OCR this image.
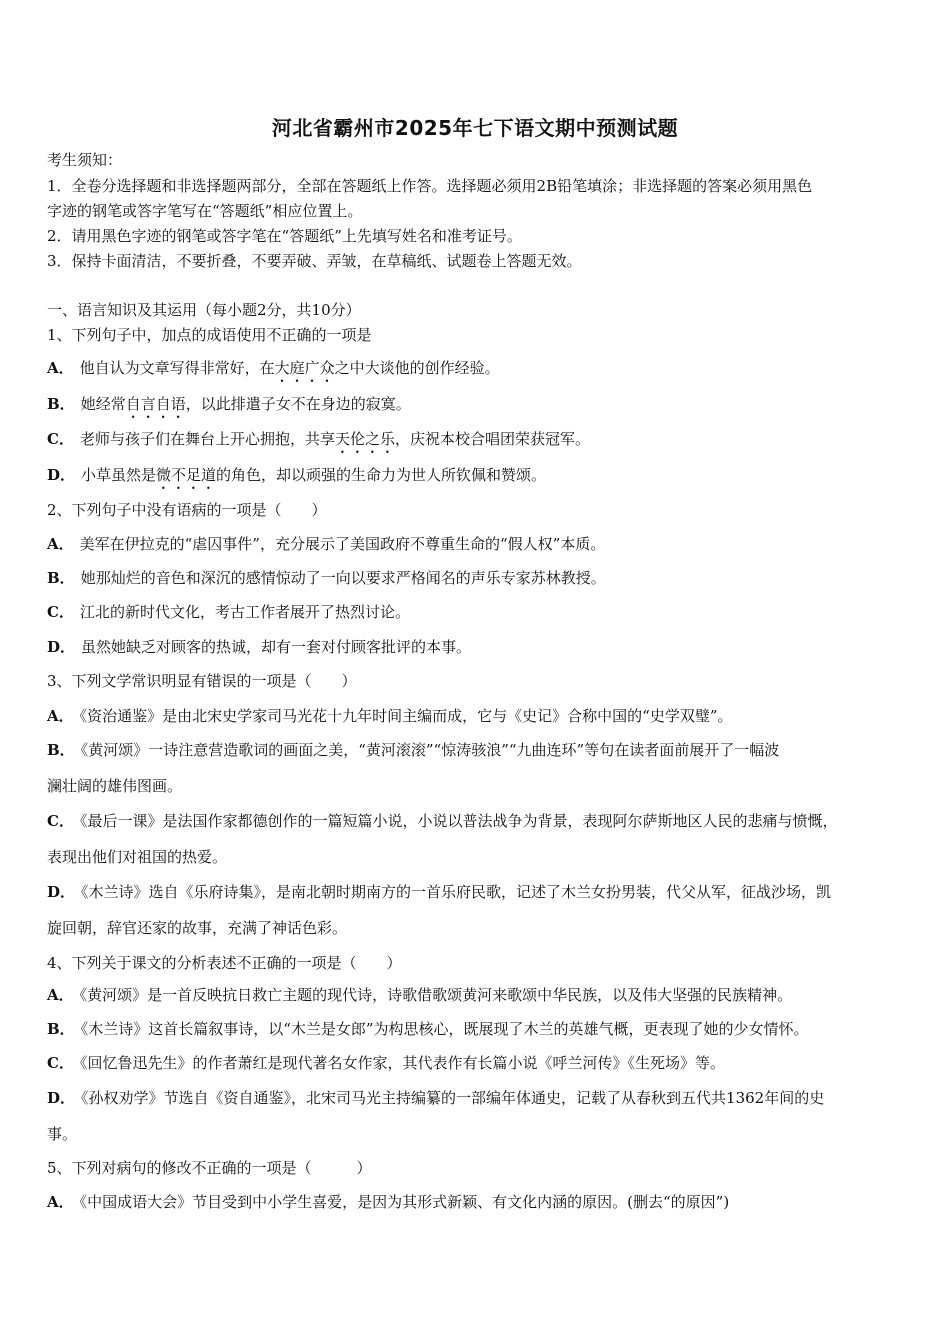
河北省霸州市2025年七下语文期中预测试题
考生须知：
1．全卷分选择题和非选择题两部分，全部在答题纸上作答。选择题必须用2B铅笔填涂；非选择题的答案必须用黑色
字迹的钢笔或答字笔写在“答题纸”相应位置上。
2．请用黑色字迹的钢笔或答字笔在“答题纸”上先填写姓名和准考证号。
3．保持卡面清洁，不要折叠，不要弄破、弄皱，在草稿纸、试题卷上答题无效。
一、语言知识及其运用（每小题2分，共10分）
1、下列句子中，加点的成语使用不正确的一项是
A． 他自认为文章写得非常好，在大庭广众之中大谈他的创作经验。
B． 她经常自言自语，以此排遣子女不在身边的寂寞。
C． 老师与孩子们在舞台上开心拥抱，共享天伦之乐，庆祝本校合唱团荣获冠军。
D． 小草虽然是微不足道的角色，却以顽强的生命力为世人所钦佩和赞颂。
2、下列句子中没有语病的一项是（　　）
A． 美军在伊拉克的“虐囚事件”，充分展示了美国政府不尊重生命的“假人权”本质。
B． 她那灿烂的音色和深沉的感情惊动了一向以要求严格闻名的声乐专家苏林教授。
C． 江北的新时代文化，考古工作者展开了热烈讨论。
D． 虽然她缺乏对顾客的热诚，却有一套对付顾客批评的本事。
3、下列文学常识明显有错误的一项是（　　）
A． 《资治通鉴》是由北宋史学家司马光花十九年时间主编而成，它与《史记》合称中国的“史学双璧”。
B． 《黄河颂》一诗注意营造歌词的画面之美，“黄河滚滚”“惊涛骇浪”“九曲连环”等句在读者面前展开了一幅波
澜壮阔的雄伟图画。
C． 《最后一课》是法国作家都德创作的一篇短篇小说，小说以普法战争为背景，表现阿尔萨斯地区人民的悲痛与愤慨，
表现出他们对祖国的热爱。
D． 《木兰诗》选自《乐府诗集》，是南北朝时期南方的一首乐府民歌，记述了木兰女扮男装，代父从军，征战沙场，凯
旋回朝，辞官还家的故事，充满了神话色彩。
4、下列关于课文的分析表述不正确的一项是（　　）
A． 《黄河颂》是一首反映抗日救亡主题的现代诗，诗歌借歌颂黄河来歌颂中华民族，以及伟大坚强的民族精神。
B． 《木兰诗》这首长篇叙事诗，以“木兰是女郎”为构思核心，既展现了木兰的英雄气概，更表现了她的少女情怀。
C． 《回忆鲁迅先生》的作者萧红是现代著名女作家，其代表作有长篇小说《呼兰河传》《生死场》等。
D． 《孙权劝学》节选自《资自通鉴》，北宋司马光主持编纂的一部编年体通史，记载了从春秋到五代共1362年间的史
事。
5、下列对病句的修改不正确的一项是（　　　）
A． 《中国成语大会》节目受到中小学生喜爱，是因为其形式新颖、有文化内涵的原因。(删去“的原因”)
